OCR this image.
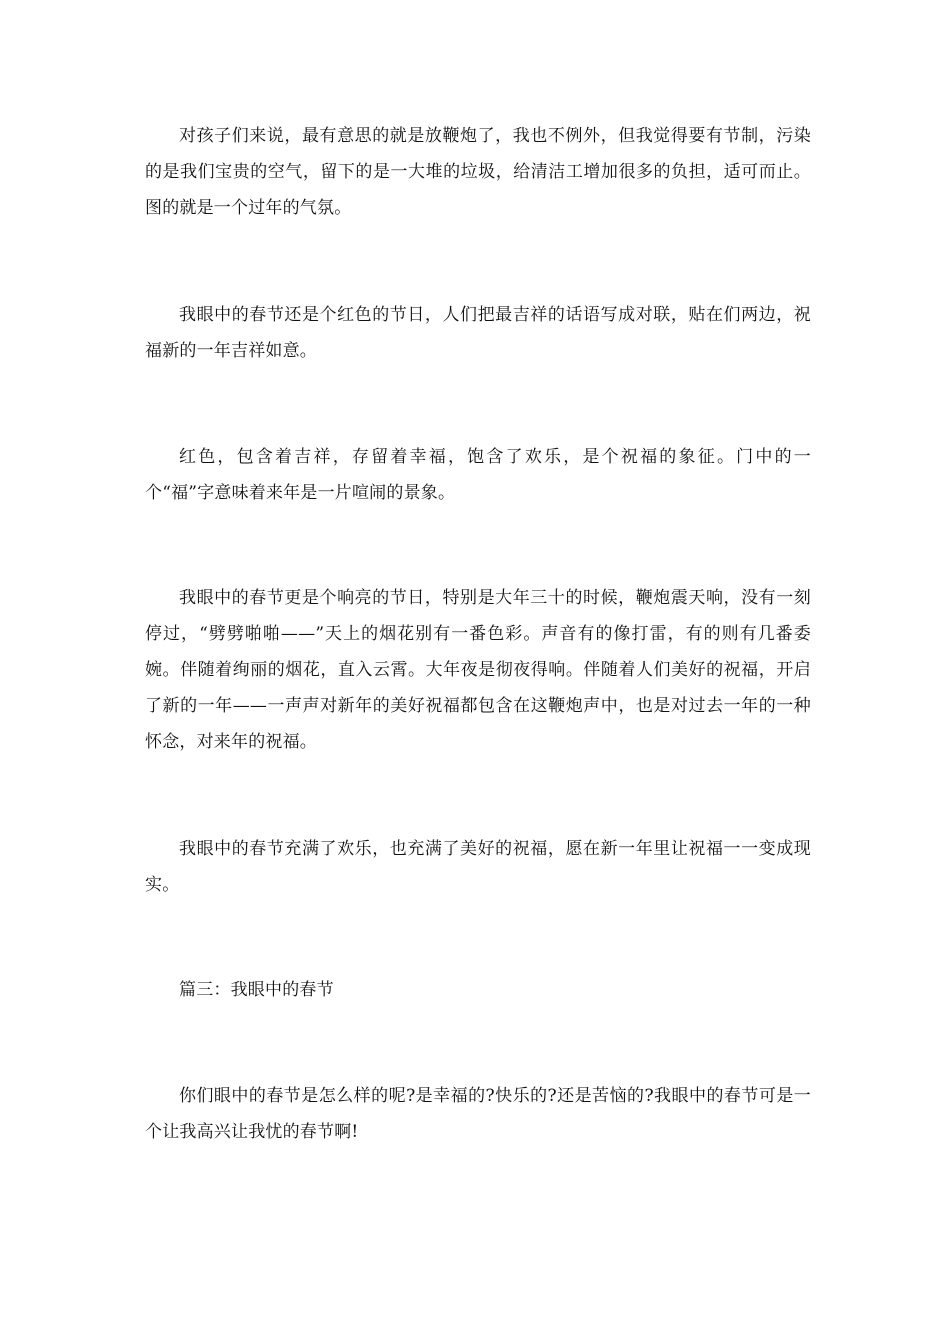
对孩子们来说，最有意思的就是放鞭炮了，我也不例外，但我觉得要有节制，污染的是我们宝贵的空气，留下的是一大堆的垃圾，给清洁工增加很多的负担，适可而止。图的就是一个过年的气氛。

我眼中的春节还是个红色的节日，人们把最吉祥的话语写成对联，贴在们两边，祝福新的一年吉祥如意。

红色，包含着吉祥，存留着幸福，饱含了欢乐，是个祝福的象征。门中的一个“福”字意味着来年是一片喧闹的景象。

我眼中的春节更是个响亮的节日，特别是大年三十的时候，鞭炮震天响，没有一刻停过，“劈劈啪啪——”天上的烟花别有一番色彩。声音有的像打雷，有的则有几番委婉。伴随着绚丽的烟花，直入云霄。大年夜是彻夜得响。伴随着人们美好的祝福，开启了新的一年——一声声对新年的美好祝福都包含在这鞭炮声中，也是对过去一年的一种怀念，对来年的祝福。

我眼中的春节充满了欢乐，也充满了美好的祝福，愿在新一年里让祝福一一变成现实。

篇三：我眼中的春节

你们眼中的春节是怎么样的呢?是幸福的?快乐的?还是苦恼的?我眼中的春节可是一个让我高兴让我忧的春节啊!
